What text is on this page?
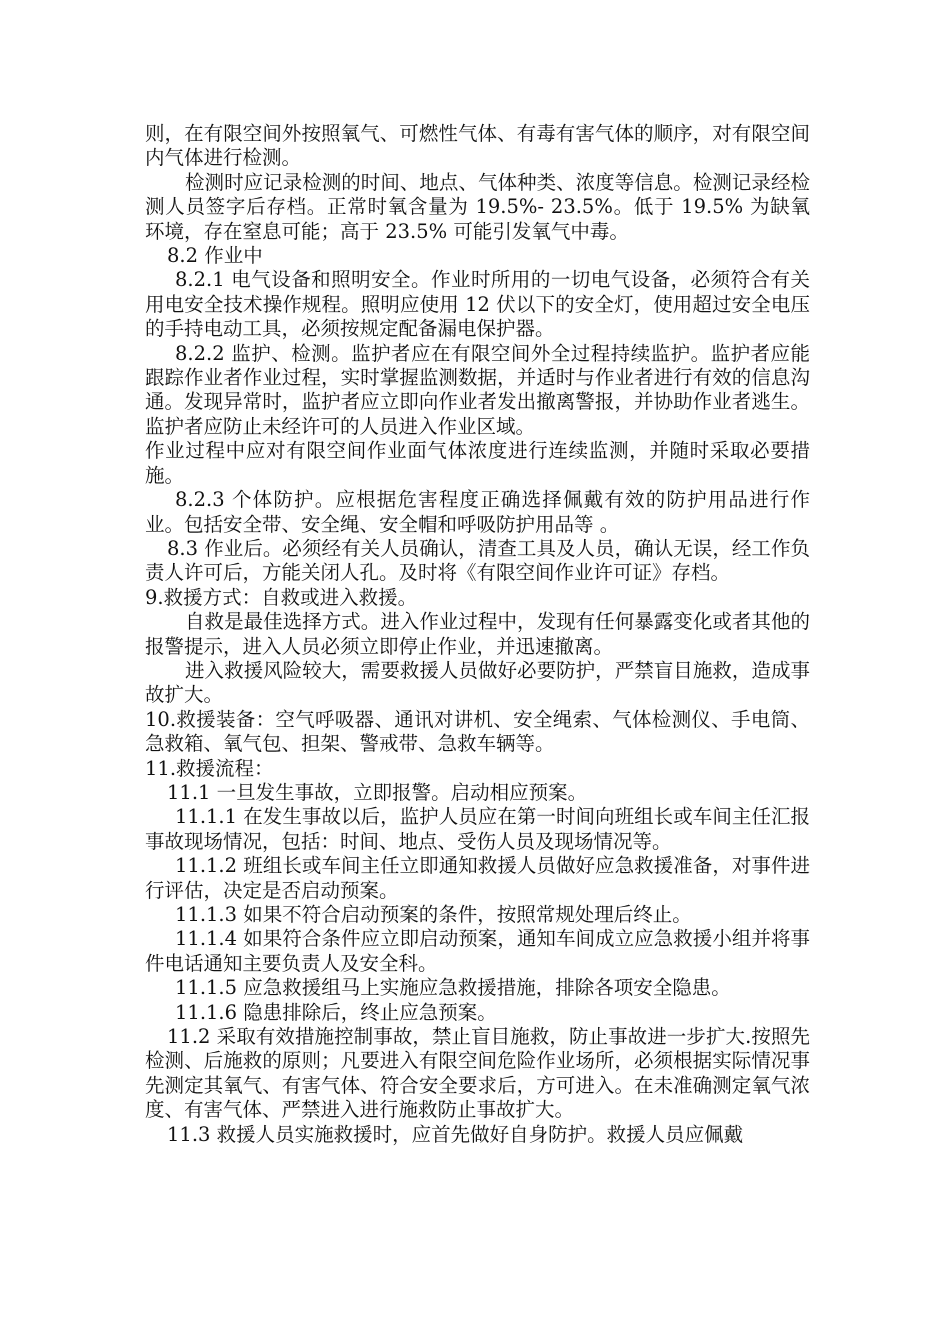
则，在有限空间外按照氧气、可燃性气体、有毒有害气体的顺序，对有限空间内气体进行检测。

检测时应记录检测的时间、地点、气体种类、浓度等信息。检测记录经检测人员签字后存档。正常时氧含量为 19.5%- 23.5%。低于 19.5% 为缺氧环境，存在窒息可能；高于 23.5% 可能引发氧气中毒。

8.2 作业中

8.2.1 电气设备和照明安全。作业时所用的一切电气设备，必须符合有关用电安全技术操作规程。照明应使用 12 伏以下的安全灯，使用超过安全电压的手持电动工具，必须按规定配备漏电保护器。

8.2.2 监护、检测。监护者应在有限空间外全过程持续监护。监护者应能跟踪作业者作业过程，实时掌握监测数据，并适时与作业者进行有效的信息沟通。发现异常时，监护者应立即向作业者发出撤离警报，并协助作业者逃生。监护者应防止未经许可的人员进入作业区域。

作业过程中应对有限空间作业面气体浓度进行连续监测，并随时采取必要措施。

8.2.3 个体防护。应根据危害程度正确选择佩戴有效的防护用品进行作业。包括安全带、安全绳、安全帽和呼吸防护用品等 。

8.3 作业后。必须经有关人员确认，清查工具及人员，确认无误，经工作负责人许可后，方能关闭人孔。及时将《有限空间作业许可证》存档。

9.救援方式：自救或进入救援。

自救是最佳选择方式。进入作业过程中，发现有任何暴露变化或者其他的报警提示，进入人员必须立即停止作业，并迅速撤离。

进入救援风险较大，需要救援人员做好必要防护，严禁盲目施救，造成事故扩大。

10.救援装备：空气呼吸器、通讯对讲机、安全绳索、气体检测仪、手电筒、急救箱、氧气包、担架、警戒带、急救车辆等。

11.救援流程：

11.1 一旦发生事故，立即报警。启动相应预案。

11.1.1 在发生事故以后，监护人员应在第一时间向班组长或车间主任汇报事故现场情况，包括：时间、地点、受伤人员及现场情况等。

11.1.2 班组长或车间主任立即通知救援人员做好应急救援准备，对事件进行评估，决定是否启动预案。

11.1.3 如果不符合启动预案的条件，按照常规处理后终止。

11.1.4 如果符合条件应立即启动预案，通知车间成立应急救援小组并将事件电话通知主要负责人及安全科。

11.1.5 应急救援组马上实施应急救援措施，排除各项安全隐患。

11.1.6 隐患排除后，终止应急预案。

11.2 采取有效措施控制事故，禁止盲目施救，防止事故进一步扩大.按照先检测、后施救的原则；凡要进入有限空间危险作业场所，必须根据实际情况事先测定其氧气、有害气体、符合安全要求后，方可进入。在未准确测定氧气浓度、有害气体、严禁进入进行施救防止事故扩大。

11.3 救援人员实施救援时，应首先做好自身防护。救援人员应佩戴
